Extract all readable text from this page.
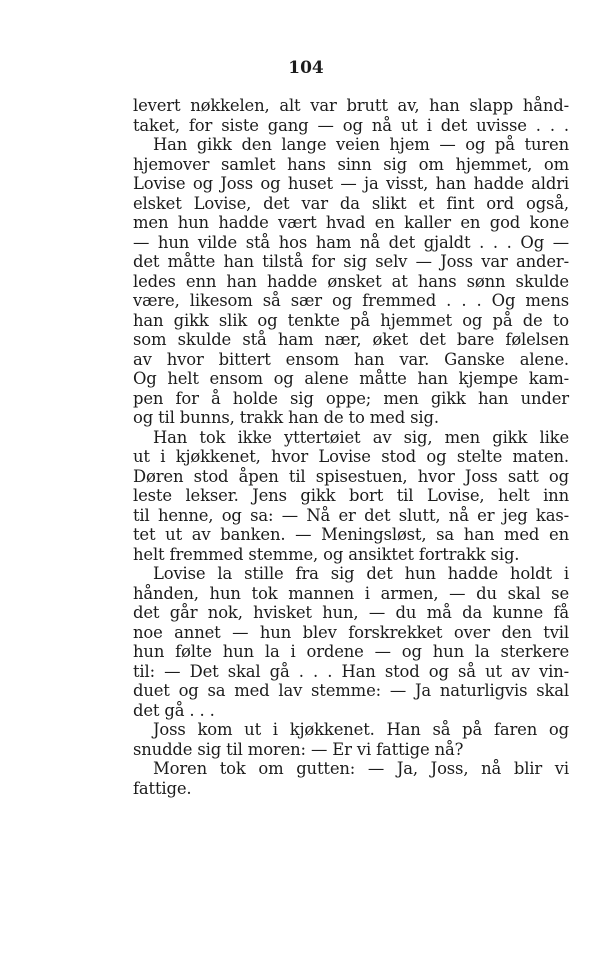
104
levert nøkkelen, alt var brutt av, han slapp hånd-
taket, for siste gang — og nå ut i det uvisse . . .
Han gikk den lange veien hjem — og på turen
hjemover samlet hans sinn sig om hjemmet, om
Lovise og Joss og huset — ja visst, han hadde aldri
elsket Lovise, det var da slikt et fint ord også,
men hun hadde vært hvad en kaller en god kone
— hun vilde stå hos ham nå det gjaldt . . . Og —
det måtte han tilstå for sig selv — Joss var ander-
ledes enn han hadde ønsket at hans sønn skulde
være, likesom så sær og fremmed . . . Og mens
han gikk slik og tenkte på hjemmet og på de to
som skulde stå ham nær, øket det bare følelsen
av hvor bittert ensom han var. Ganske alene.
Og helt ensom og alene måtte han kjempe kam-
pen for å holde sig oppe; men gikk han under
og til bunns, trakk han de to med sig.
Han tok ikke yttertøiet av sig, men gikk like
ut i kjøkkenet, hvor Lovise stod og stelte maten.
Døren stod åpen til spisestuen, hvor Joss satt og
leste lekser. Jens gikk bort til Lovise, helt inn
til henne, og sa: — Nå er det slutt, nå er jeg kas-
tet ut av banken. — Meningsløst, sa han med en
helt fremmed stemme, og ansiktet fortrakk sig.
Lovise la stille fra sig det hun hadde holdt i
hånden, hun tok mannen i armen, — du skal se
det går nok, hvisket hun, — du må da kunne få
noe annet — hun blev forskrekket over den tvil
hun følte hun la i ordene — og hun la sterkere
til: — Det skal gå . . . Han stod og så ut av vin-
duet og sa med lav stemme: — Ja naturligvis skal
det gå . . .
Joss kom ut i kjøkkenet. Han så på faren og
snudde sig til moren: — Er vi fattige nå?
Moren tok om gutten: — Ja, Joss, nå blir vi
fattige.
